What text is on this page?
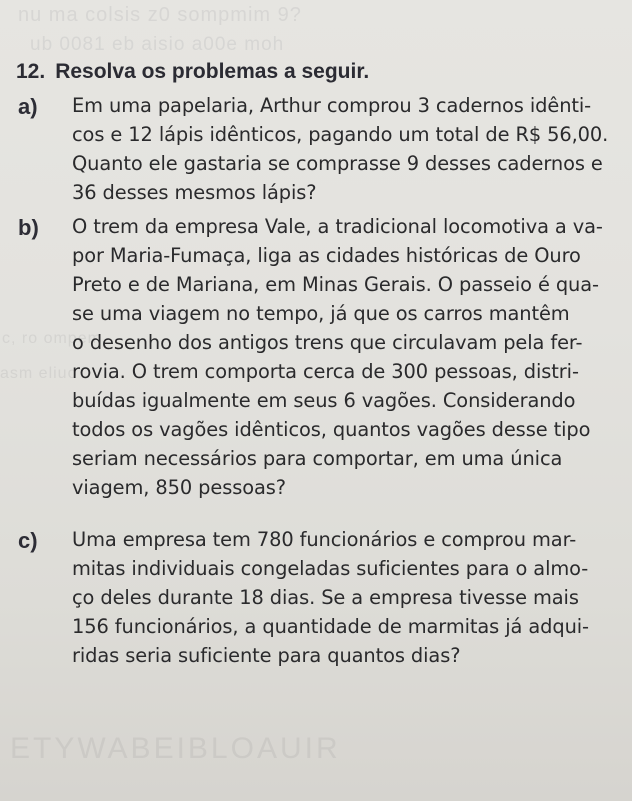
nu ma colsis z0 sompmim 9?
ub 0081 eb aisio a00e moh
c, ro ompem
asm eliuo
ETYWABEIBLOAUIR
12. Resolva os problemas a seguir.
a) Em uma papelaria, Arthur comprou 3 cadernos idênti-
cos e 12 lápis idênticos, pagando um total de R$ 56,00.
Quanto ele gastaria se comprasse 9 desses cadernos e
36 desses mesmos lápis?
b) O trem da empresa Vale, a tradicional locomotiva a va-
por Maria-Fumaça, liga as cidades históricas de Ouro
Preto e de Mariana, em Minas Gerais. O passeio é qua-
se uma viagem no tempo, já que os carros mantêm
o desenho dos antigos trens que circulavam pela fer-
rovia. O trem comporta cerca de 300 pessoas, distri-
buídas igualmente em seus 6 vagões. Considerando
todos os vagões idênticos, quantos vagões desse tipo
seriam necessários para comportar, em uma única
viagem, 850 pessoas?
c) Uma empresa tem 780 funcionários e comprou mar-
mitas individuais congeladas suficientes para o almo-
ço deles durante 18 dias. Se a empresa tivesse mais
156 funcionários, a quantidade de marmitas já adqui-
ridas seria suficiente para quantos dias?
